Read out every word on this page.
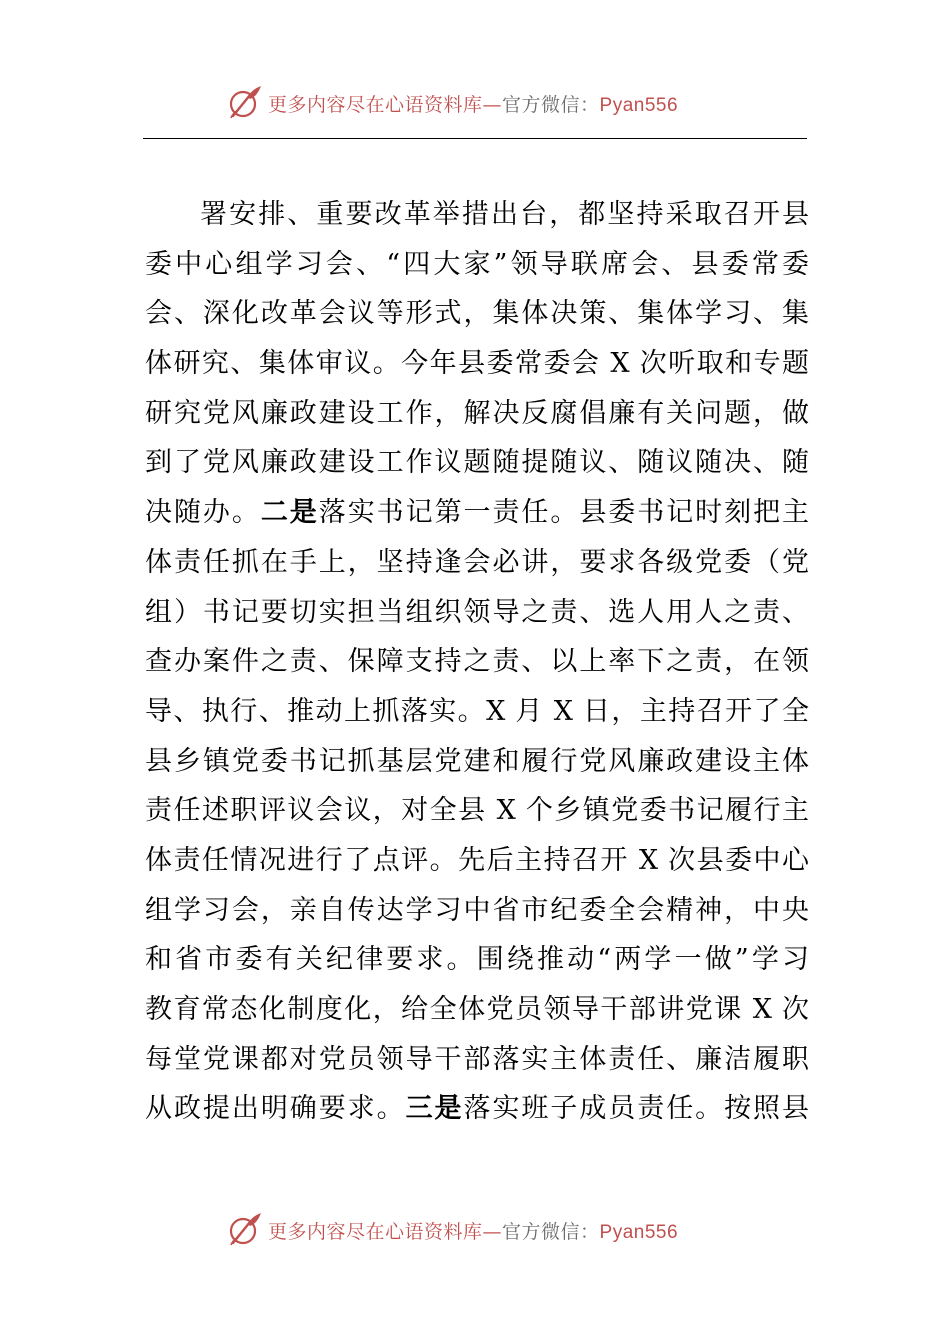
更多内容尽在心语资料库—官方微信：Pyan556
署安排、重要改革举措出台，都坚持采取召开县
委中心组学习会、“四大家”领导联席会、县委常委
会、深化改革会议等形式，集体决策、集体学习、集
体研究、集体审议。今年县委常委会 X 次听取和专题
研究党风廉政建设工作，解决反腐倡廉有关问题，做
到了党风廉政建设工作议题随提随议、随议随决、随
决随办。二是落实书记第一责任。县委书记时刻把主
体责任抓在手上，坚持逢会必讲，要求各级党委（党
组）书记要切实担当组织领导之责、选人用人之责、
查办案件之责、保障支持之责、以上率下之责，在领
导、执行、推动上抓落实。X 月 X 日，主持召开了全
县乡镇党委书记抓基层党建和履行党风廉政建设主体
责任述职评议会议，对全县 X 个乡镇党委书记履行主
体责任情况进行了点评。先后主持召开 X 次县委中心
组学习会，亲自传达学习中省市纪委全会精神，中央
和省市委有关纪律要求。围绕推动“两学一做”学习
教育常态化制度化，给全体党员领导干部讲党课 X 次
每堂党课都对党员领导干部落实主体责任、廉洁履职
从政提出明确要求。三是落实班子成员责任。按照县
更多内容尽在心语资料库—官方微信：Pyan556
